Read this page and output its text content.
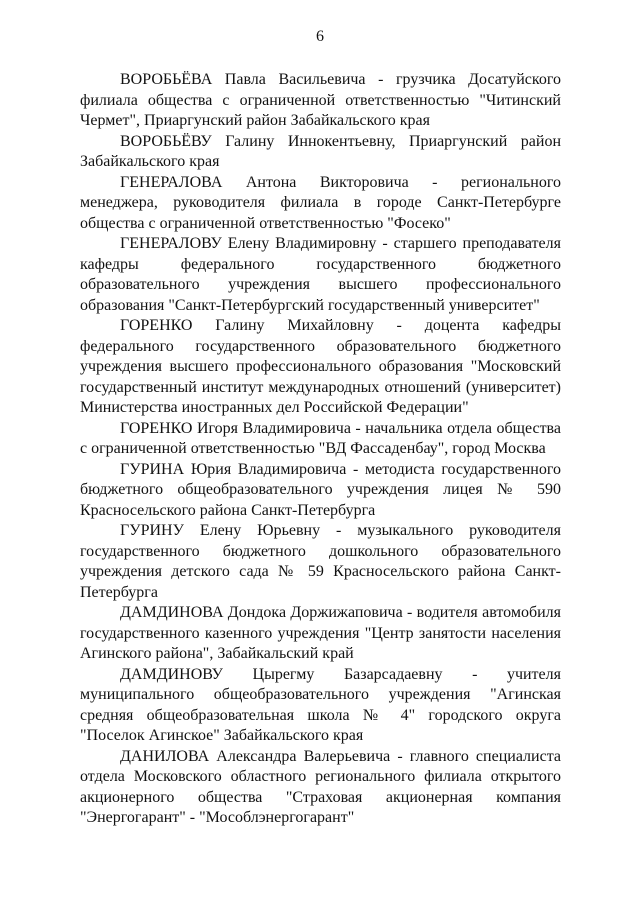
6

ВОРОБЬЁВА Павла Васильевича - грузчика Досатуйского филиала общества с ограниченной ответственностью "Читинский Чермет", Приаргунский район Забайкальского края

ВОРОБЬЁВУ Галину Иннокентьевну, Приаргунский район Забайкальского края

ГЕНЕРАЛОВА Антона Викторовича - регионального менеджера, руководителя филиала в городе Санкт-Петербурге общества с ограниченной ответственностью "Фосеко"

ГЕНЕРАЛОВУ Елену Владимировну - старшего преподавателя кафедры федерального государственного бюджетного образовательного учреждения высшего профессионального образования "Санкт-Петербургский государственный университет"

ГОРЕНКО Галину Михайловну - доцента кафедры федерального государственного образовательного бюджетного учреждения высшего профессионального образования "Московский государственный институт международных отношений (университет) Министерства иностранных дел Российской Федерации"

ГОРЕНКО Игоря Владимировича - начальника отдела общества с ограниченной ответственностью "ВД Фассаденбау", город Москва

ГУРИНА Юрия Владимировича - методиста государственного бюджетного общеобразовательного учреждения лицея № 590 Красносельского района Санкт-Петербурга

ГУРИНУ Елену Юрьевну - музыкального руководителя государственного бюджетного дошкольного образовательного учреждения детского сада № 59 Красносельского района Санкт-Петербурга

ДАМДИНОВА Дондока Доржижаповича - водителя автомобиля государственного казенного учреждения "Центр занятости населения Агинского района", Забайкальский край

ДАМДИНОВУ Цырегму Базарсадаевну - учителя муниципального общеобразовательного учреждения "Агинская средняя общеобразовательная школа № 4" городского округа "Поселок Агинское" Забайкальского края

ДАНИЛОВА Александра Валерьевича - главного специалиста отдела Московского областного регионального филиала открытого акционерного общества "Страховая акционерная компания "Энергогарант" - "Мособлэнергогарант"
